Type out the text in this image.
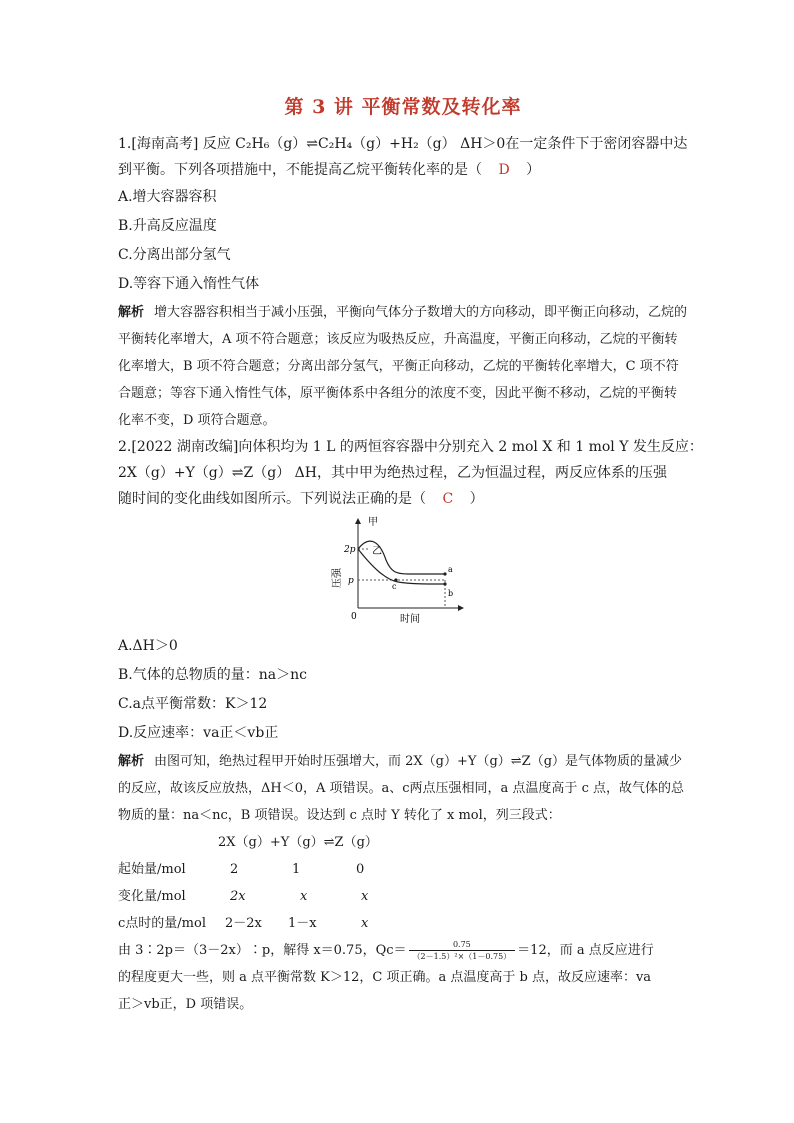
第 3 讲 平衡常数及转化率
1.[海南高考] 反应 C₂H₆（g）⇌C₂H₄（g）+H₂（g） ΔH＞0在一定条件下于密闭容器中达
到平衡。下列各项措施中，不能提高乙烷平衡转化率的是（ D ）
A.增大容器容积
B.升高反应温度
C.分离出部分氢气
D.等容下通入惰性气体
解析 增大容器容积相当于减小压强，平衡向气体分子数增大的方向移动，即平衡正向移动，乙烷的平衡转化率增大，A 项不符合题意；该反应为吸热反应，升高温度，平衡正向移动，乙烷的平衡转化率增大，B 项不符合题意；分离出部分氢气，平衡正向移动，乙烷的平衡转化率增大，C 项不符合题意；等容下通入惰性气体，原平衡体系中各组分的浓度不变，因此平衡不移动，乙烷的平衡转化率不变，D 项符合题意。
2.[2022 湖南改编]向体积均为 1 L 的两恒容容器中分别充入 2 mol X 和 1 mol Y 发生反应：
2X（g）+Y（g）⇌Z（g） ΔH，其中甲为绝热过程，乙为恒温过程，两反应体系的压强
随时间的变化曲线如图所示。下列说法正确的是（ C ）
甲
乙
2p
p
0
a
b
c
时间
压强
A.ΔH＞0
B.气体的总物质的量：na＞nc
C.a点平衡常数：K＞12
D.反应速率：va正＜vb正
解析 由图可知，绝热过程甲开始时压强增大，而 2X（g）+Y（g）⇌Z（g）是气体物质的量减少的反应，故该反应放热，ΔH＜0，A 项错误。a、c两点压强相同，a 点温度高于 c 点，故气体的总物质的量：na＜nc，B 项错误。设达到 c 点时 Y 转化了 x mol，列三段式：
2X（g）+Y（g）⇌Z（g）
起始量/mol	2	1	0
变化量/mol	2x	x	x
c点时的量/mol 2－2x 1－x	x
由 3∶2p＝（3－2x）∶p，解得 x＝0.75，$Qc= \frac{0.75}{\text{（2－1.5）²×（1－0.75）}} =12$，而 a 点反应进行
的程度更大一些，则 a 点平衡常数 K＞12，C 项正确。a 点温度高于 b 点，故反应速率：va
正＞vb正，D 项错误。
